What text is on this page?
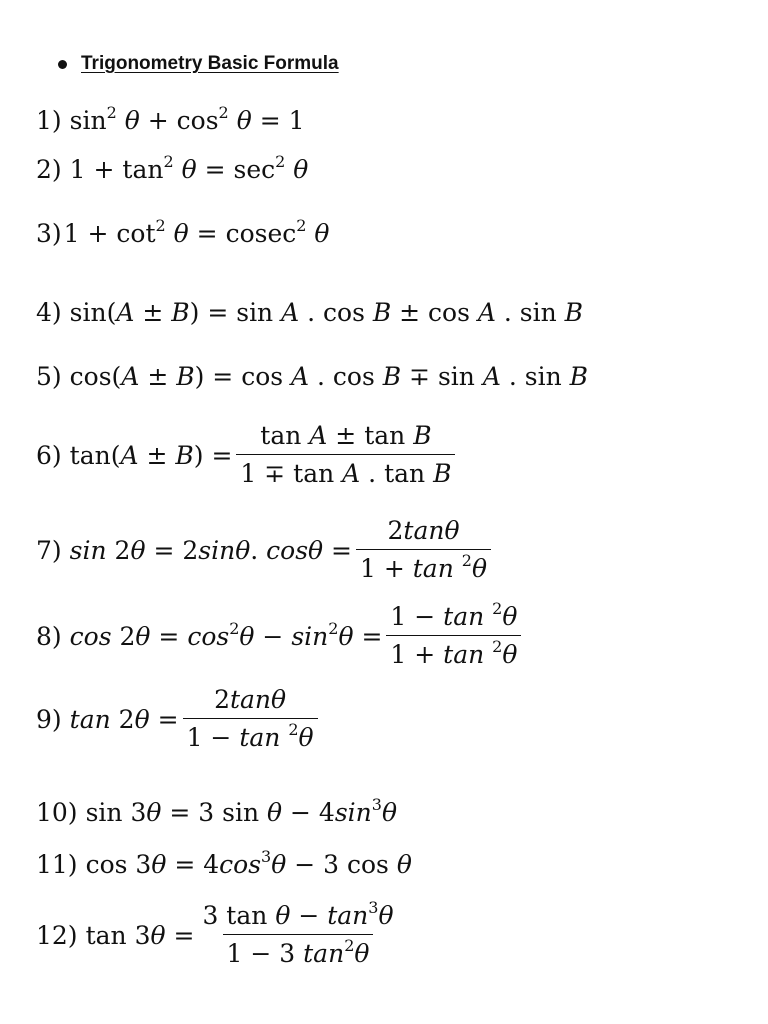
Trigonometry Basic Formula
1) $\sin^2 \theta + \cos^2 \theta = 1$
2) $1 + \tan^2 \theta = \sec^2 \theta$
3) $1 + \cot^2 \theta = cosec^2$ θ
4) sin(A ± B) = sin A . cos B ± cos A . sin B
5) cos(A ± B) = cos A . cos B ∓ sin A . sin B
6) $\tan(A \pm B) = \frac{\text{tan A ± tan B}}{\text{1 ∓ tan A . tan B}}$
7) sin 2θ = 2sinθ. $\cos\theta = \frac{2\tan\theta}{1 + \tan ^2\theta}$
8) $\cos 2\theta = \cos^2\theta - \sin^2\theta = \frac{1 - \tan ^2\theta}{1 + \tan ^2\theta}$
9) $\tan 2\theta = \frac{2\tan\theta}{1 - \tan ^2\theta}$
10) sin 3θ = 3 $\sin \theta - 4\sin^3\theta$
11) $\cos 3\theta = 4\cos^3\theta - 3$ cos θ
12) $\tan 3\theta = \frac{3 \tan \theta - \tan^3\theta}{1 - 3 \tan^2\theta}$
